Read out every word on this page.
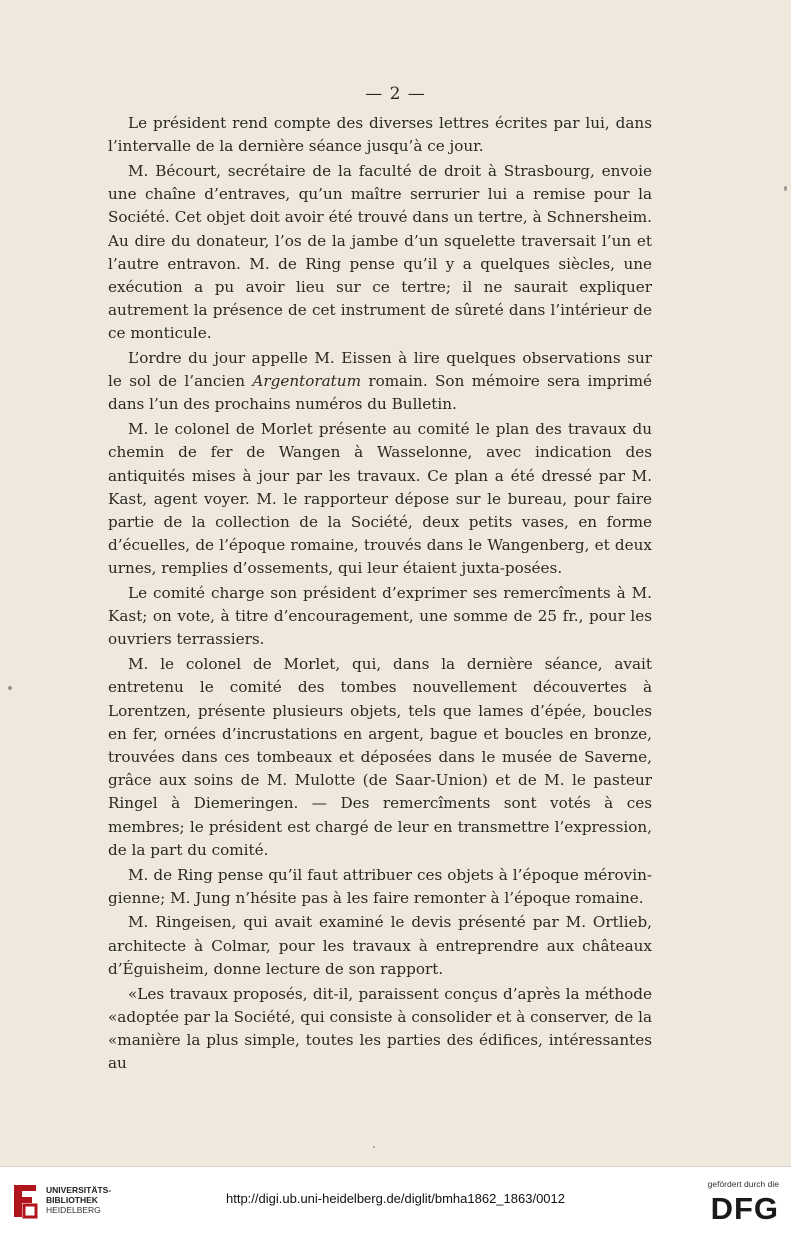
— 2 —

Le président rend compte des diverses lettres écrites par lui, dans l’intervalle de la dernière séance jusqu’à ce jour.

M. Bécourt, secrétaire de la faculté de droit à Strasbourg, envoie une chaîne d’entraves, qu’un maître serrurier lui a remise pour la Société. Cet objet doit avoir été trouvé dans un tertre, à Schnersheim. Au dire du donateur, l’os de la jambe d’un squelette traversait l’un et l’autre entravon. M. de Ring pense qu’il y a quelques siècles, une exécution a pu avoir lieu sur ce tertre; il ne saurait expliquer autrement la présence de cet instrument de sûreté dans l’intérieur de ce monticule.

L’ordre du jour appelle M. Eissen à lire quelques observations sur le sol de l’ancien Argentoratum romain. Son mémoire sera imprimé dans l’un des prochains numéros du Bulletin.

M. le colonel de Morlet présente au comité le plan des travaux du chemin de fer de Wangen à Wasselonne, avec indication des antiquités mises à jour par les travaux. Ce plan a été dressé par M. Kast, agent voyer. M. le rapporteur dépose sur le bureau, pour faire partie de la collection de la Société, deux petits vases, en forme d’écuelles, de l’époque romaine, trouvés dans le Wangenberg, et deux urnes, remplies d’ossements, qui leur étaient juxta-posées.

Le comité charge son président d’exprimer ses remercîments à M. Kast; on vote, à titre d’encouragement, une somme de 25 fr., pour les ouvriers terrassiers.

M. le colonel de Morlet, qui, dans la dernière séance, avait entretenu le comité des tombes nouvellement découvertes à Lorentzen, présente plusieurs objets, tels que lames d’épée, boucles en fer, ornées d’incrustations en argent, bague et boucles en bronze, trouvées dans ces tombeaux et déposées dans le musée de Saverne, grâce aux soins de M. Mulotte (de Saar-Union) et de M. le pasteur Ringel à Diemeringen. — Des remercîments sont votés à ces membres; le président est chargé de leur en transmettre l’expression, de la part du comité.

M. de Ring pense qu’il faut attribuer ces objets à l’époque mérovingienne; M. Jung n’hésite pas à les faire remonter à l’époque romaine.

M. Ringeisen, qui avait examiné le devis présenté par M. Ortlieb, architecte à Colmar, pour les travaux à entreprendre aux châteaux d’Éguisheim, donne lecture de son rapport.

«Les travaux proposés, dit-il, paraissent conçus d’après la méthode «adoptée par la Société, qui consiste à consolider et à conserver, de la «manière la plus simple, toutes les parties des édifices, intéressantes au

UNIVERSITÄTS-
BIBLIOTHEK
HEIDELBERG
http://digi.ub.uni-heidelberg.de/diglit/bmha1862_1863/0012
gefördert durch die
DFG
